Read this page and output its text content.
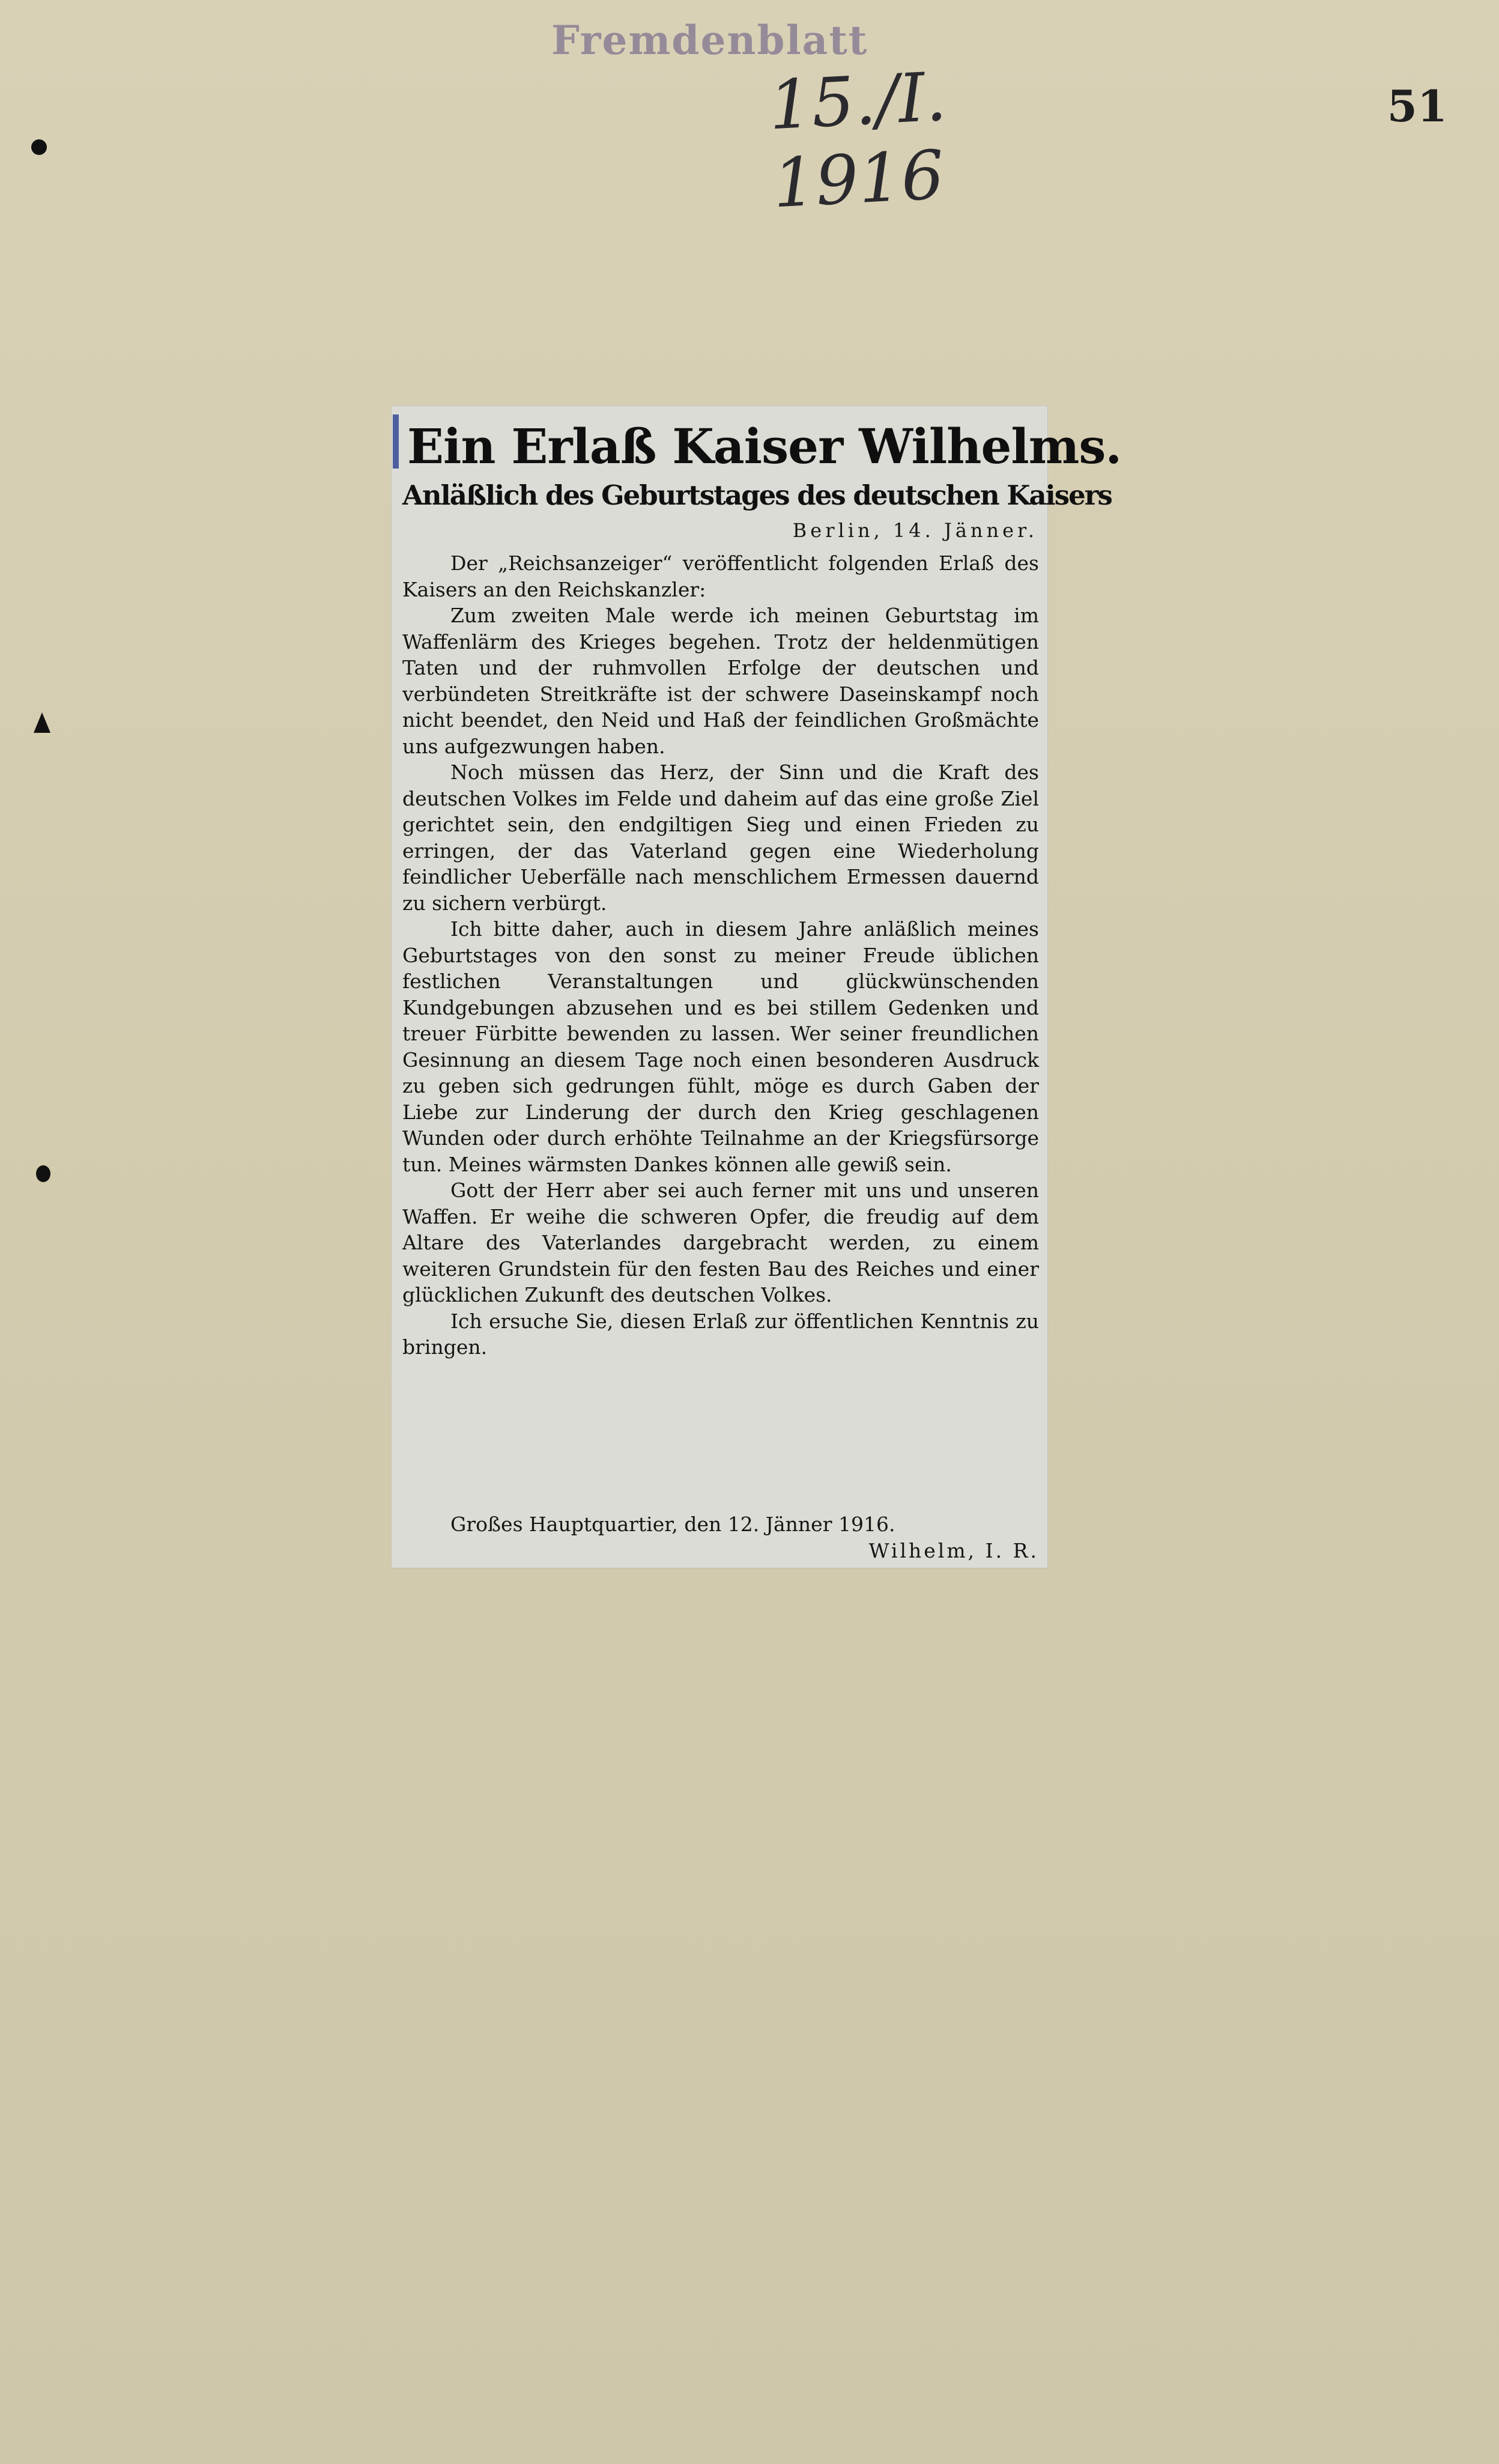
Fremdenblatt
15./I. 1916
51
Ein Erlaß Kaiser Wilhelms.
Anläßlich des Geburtstages des deutschen Kaisers
Berlin, 14. Jänner.

Der „Reichsanzeiger“ veröffentlicht folgenden Erlaß des Kaisers an den Reichskanzler:

Zum zweiten Male werde ich meinen Geburtstag im Waffenlärm des Krieges begehen. Trotz der heldenmütigen Taten und der ruhmvollen Erfolge der deutschen und verbündeten Streitkräfte ist der schwere Daseinskampf noch nicht beendet, den Neid und Haß der feindlichen Großmächte uns aufgezwungen haben.

Noch müssen das Herz, der Sinn und die Kraft des deutschen Volkes im Felde und daheim auf das eine große Ziel gerichtet sein, den endgiltigen Sieg und einen Frieden zu erringen, der das Vaterland gegen eine Wiederholung feindlicher Ueberfälle nach menschlichem Ermessen dauernd zu sichern verbürgt.

Ich bitte daher, auch in diesem Jahre anläßlich meines Geburtstages von den sonst zu meiner Freude üblichen festlichen Veranstaltungen und glückwünschenden Kundgebungen abzusehen und es bei stillem Gedenken und treuer Fürbitte bewenden zu lassen. Wer seiner freundlichen Gesinnung an diesem Tage noch einen besonderen Ausdruck zu geben sich gedrungen fühlt, möge es durch Gaben der Liebe zur Linderung der durch den Krieg geschlagenen Wunden oder durch erhöhte Teilnahme an der Kriegsfürsorge tun. Meines wärmsten Dankes können alle gewiß sein.

Gott der Herr aber sei auch ferner mit uns und unseren Waffen. Er weihe die schweren Opfer, die freudig auf dem Altare des Vaterlandes dargebracht werden, zu einem weiteren Grundstein für den festen Bau des Reiches und einer glücklichen Zukunft des deutschen Volkes.

Ich ersuche Sie, diesen Erlaß zur öffentlichen Kenntnis zu bringen.

Großes Hauptquartier, den 12. Jänner 1916.
Wilhelm, I. R.
